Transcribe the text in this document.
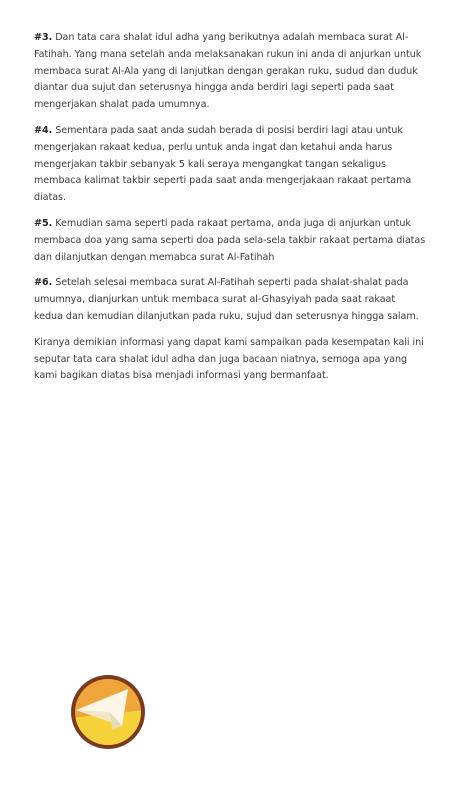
#3. Dan tata cara shalat idul adha yang berikutnya adalah membaca surat Al-Fatihah. Yang mana setelah anda melaksanakan rukun ini anda di anjurkan untuk membaca surat Al-Ala yang di lanjutkan dengan gerakan ruku, sudud dan duduk diantar dua sujut dan seterusnya hingga anda berdiri lagi seperti pada saat mengerjakan shalat pada umumnya.

#4. Sementara pada saat anda sudah berada di posisi berdiri lagi atau untuk mengerjakan rakaat kedua, perlu untuk anda ingat dan ketahui anda harus mengerjakan takbir sebanyak 5 kali seraya mengangkat tangan sekaligus membaca kalimat takbir seperti pada saat anda mengerjakaan rakaat pertama diatas.

#5. Kemudian sama seperti pada rakaat pertama, anda juga di anjurkan untuk membaca doa yang sama seperti doa pada sela-sela takbir rakaat pertama diatas dan dilanjutkan dengan memabca surat Al-Fatihah

#6. Setelah selesai membaca surat Al-Fatihah seperti pada shalat-shalat pada umumnya, dianjurkan untuk membaca surat al-Ghasyiyah pada saat rakaat kedua dan kemudian dilanjutkan pada ruku, sujud dan seterusnya hingga salam.

Kiranya demikian informasi yang dapat kami sampaikan pada kesempatan kali ini seputar tata cara shalat idul adha dan juga bacaan niatnya, semoga apa yang kami bagikan diatas bisa menjadi informasi yang bermanfaat.
